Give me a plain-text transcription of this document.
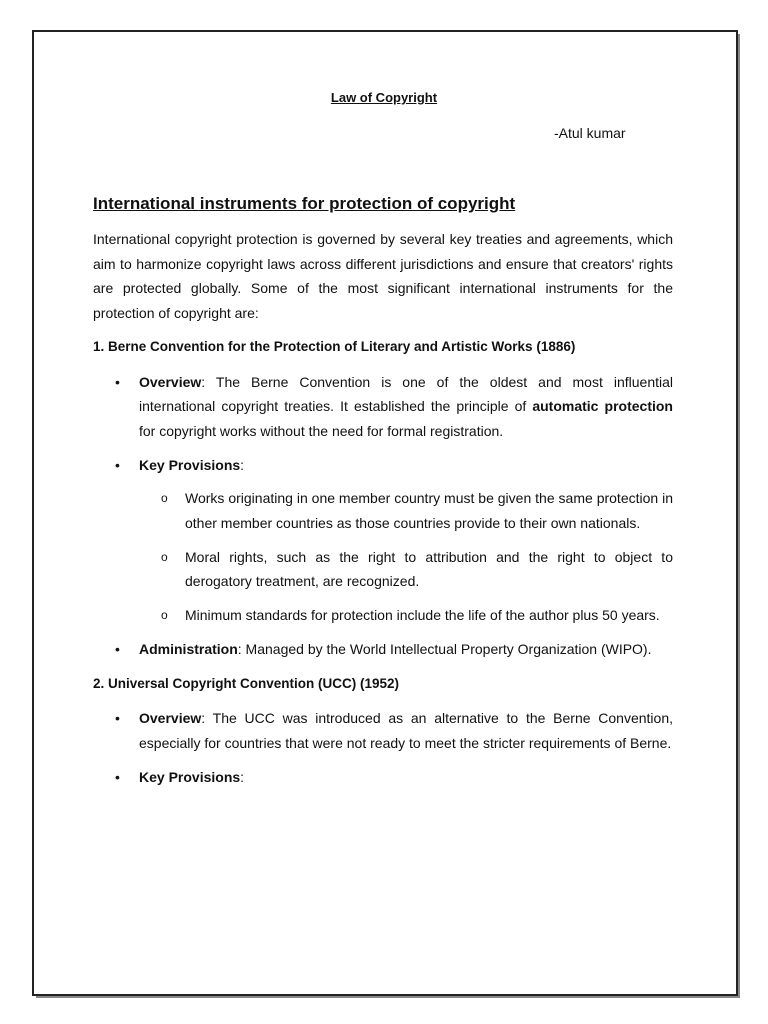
Law of Copyright

-Atul kumar

International instruments for protection of copyright

International copyright protection is governed by several key treaties and agreements, which aim to harmonize copyright laws across different jurisdictions and ensure that creators' rights are protected globally. Some of the most significant international instruments for the protection of copyright are:

1. Berne Convention for the Protection of Literary and Artistic Works (1886)

• Overview: The Berne Convention is one of the oldest and most influential international copyright treaties. It established the principle of automatic protection for copyright works without the need for formal registration.
• Key Provisions:
o Works originating in one member country must be given the same protection in other member countries as those countries provide to their own nationals.
o Moral rights, such as the right to attribution and the right to object to derogatory treatment, are recognized.
o Minimum standards for protection include the life of the author plus 50 years.
• Administration: Managed by the World Intellectual Property Organization (WIPO).

2. Universal Copyright Convention (UCC) (1952)

• Overview: The UCC was introduced as an alternative to the Berne Convention, especially for countries that were not ready to meet the stricter requirements of Berne.
• Key Provisions:
